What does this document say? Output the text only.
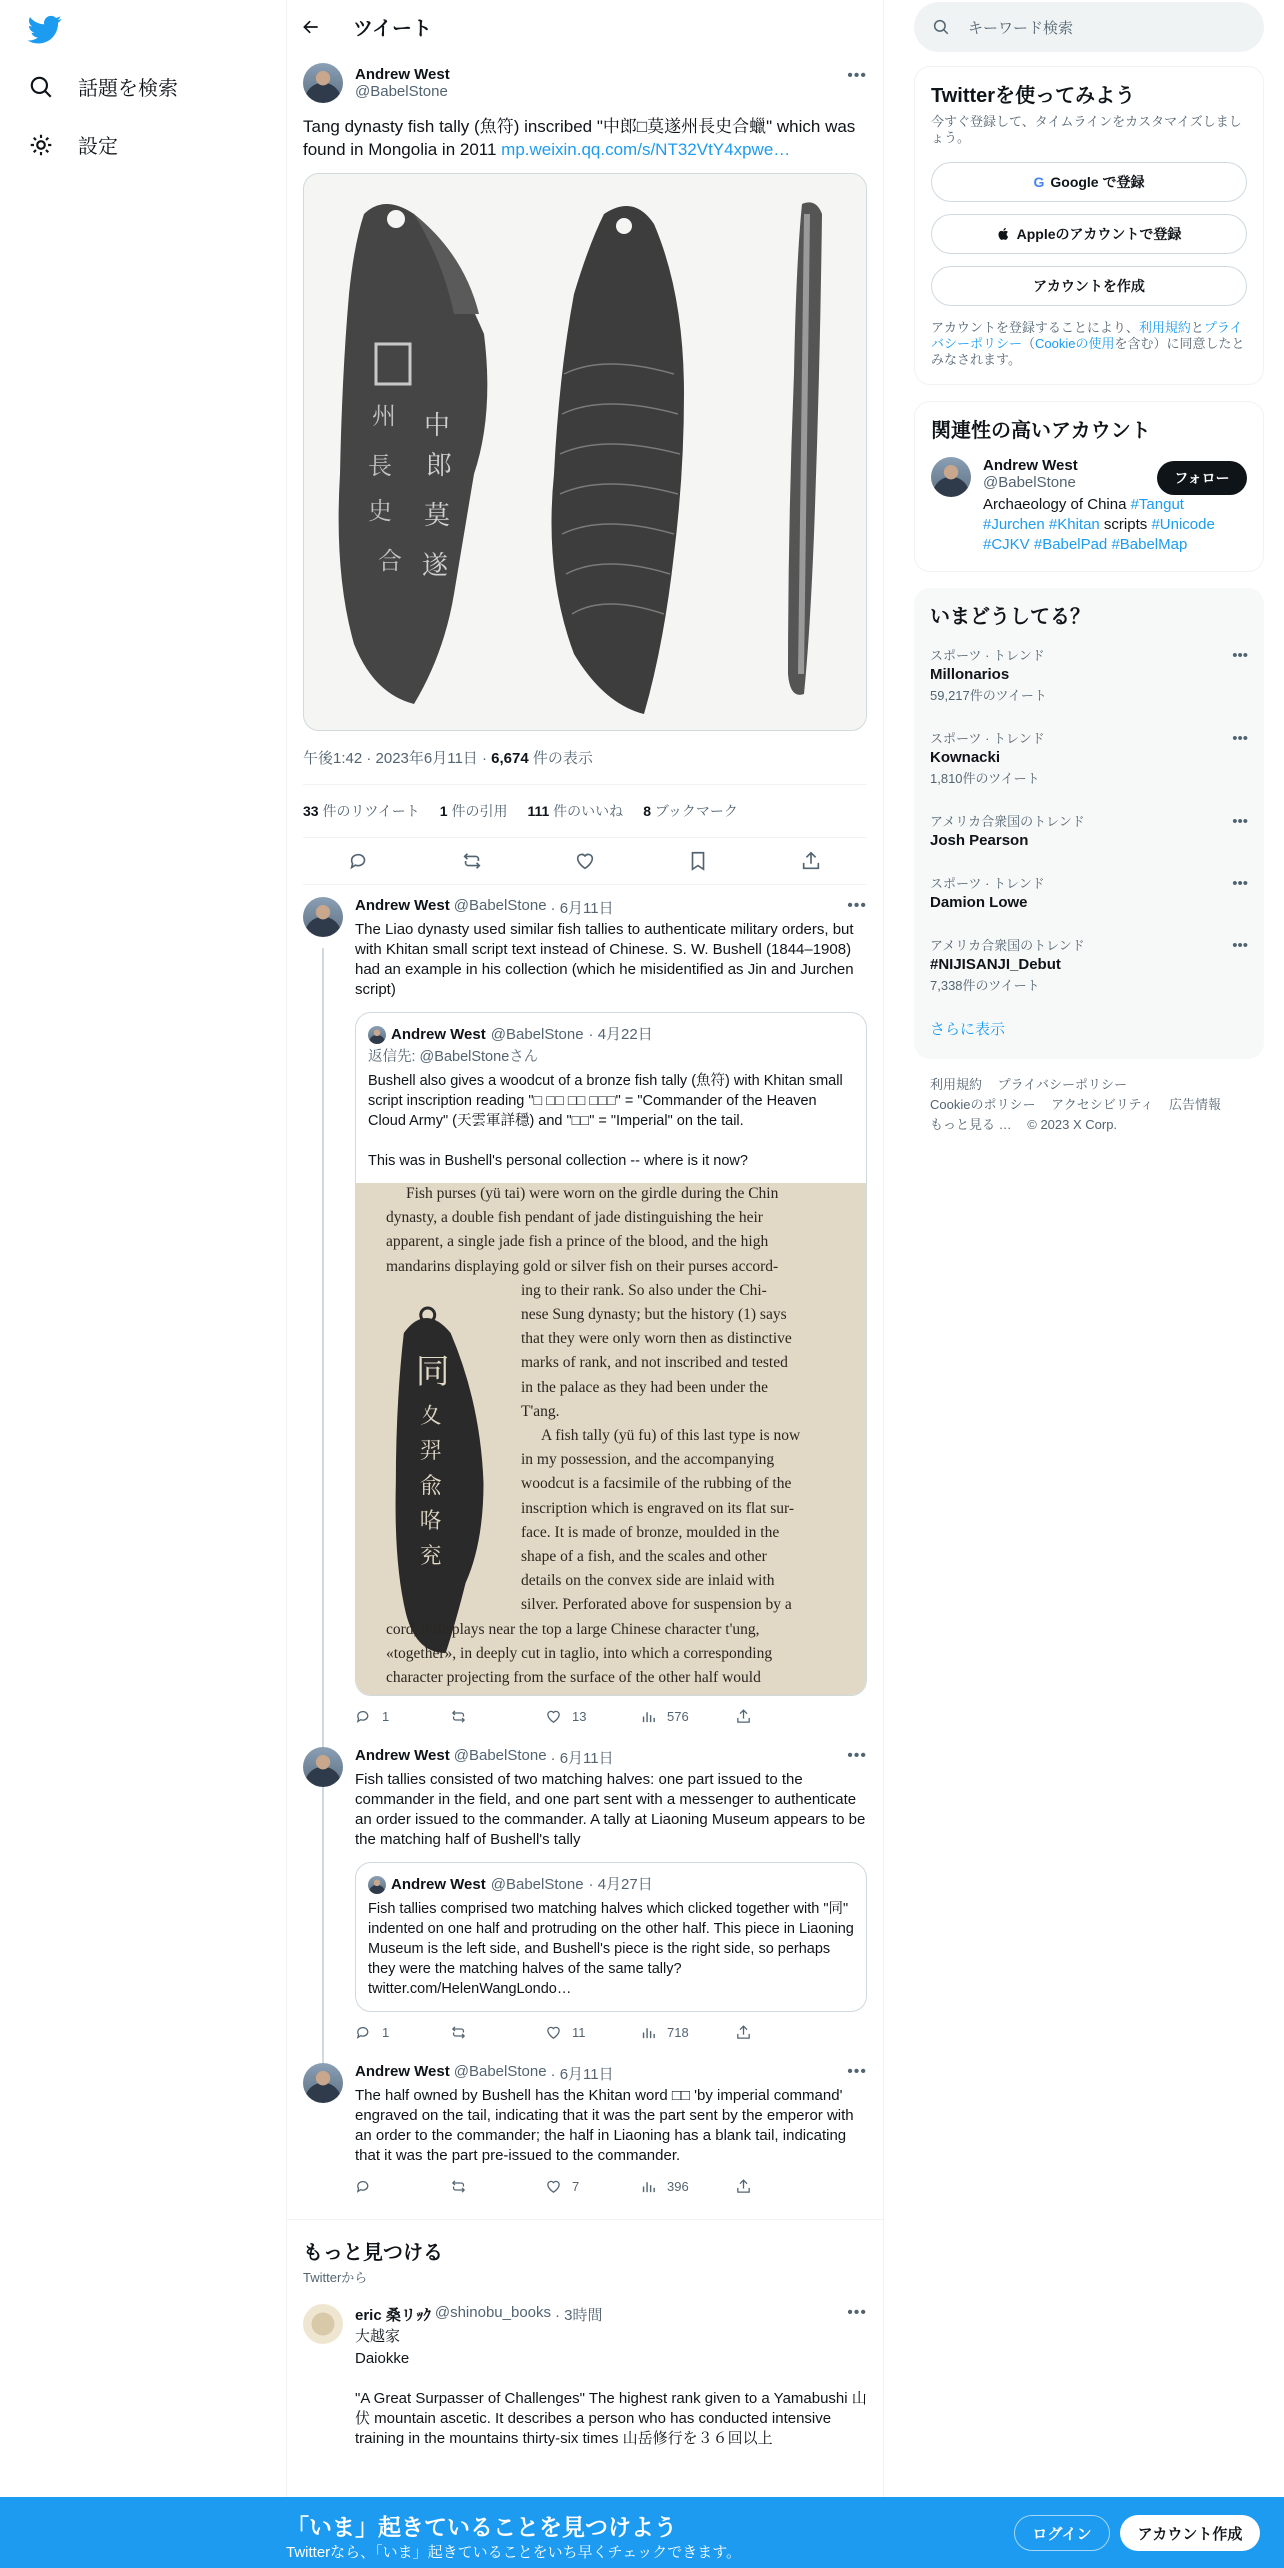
話題を検索
設定
ツイート
Andrew West
@BabelStone
•••
Tang dynasty fish tally (魚符) inscribed "中郎□莫遂州長史合蠟" which was found in Mongolia in 2011 mp.weixin.qq.com/s/NT32VtY4xpwe…
中
郎
莫
遂
州
長
史
合
午後1:42 · 2023年6月11日 · 6,674 件の表示
33 件のリツイート 1 件の引用 111 件のいいね 8 ブックマーク
•••
Andrew West @BabelStone · 6月11日
The Liao dynasty used similar fish tallies to authenticate military orders, but with Khitan small script text instead of Chinese. S. W. Bushell (1844–1908) had an example in his collection (which he misidentified as Jin and Jurchen script)
Andrew West @BabelStone · 4月22日
返信先: @BabelStoneさん
Bushell also gives a woodcut of a bronze fish tally (魚符) with Khitan small script inscription reading "□ □□ □□ □□□" = "Commander of the Heaven Cloud Army" (天雲軍詳穩) and "□□" = "Imperial" on the tail.
This was in Bushell's personal collection -- where is it now?
同
夊
羿
兪
咯
兖
Fish purses (yü tai) were worn on the girdle during the Chin
dynasty, a double fish pendant of jade distinguishing the heir
apparent, a single jade fish a prince of the blood, and the high
mandarins displaying gold or silver fish on their purses accord-
ing to their rank. So also under the Chi-
nese Sung dynasty; but the history (1) says
that they were only worn then as distinctive
marks of rank, and not inscribed and tested
in the palace as they had been under the
T'ang.
A fish tally (yü fu) of this last type is now
in my possession, and the accompanying
woodcut is a facsimile of the rubbing of the
inscription which is engraved on its flat sur-
face. It is made of bronze, moulded in the
shape of a fish, and the scales and other
details on the convex side are inlaid with
silver. Perforated above for suspension by a
cord, it displays near the top a large Chinese character t'ung,
«together», in deeply cut in taglio, into which a corresponding
character projecting from the surface of the other half would
1	13	576
•••
Andrew West @BabelStone · 6月11日
Fish tallies consisted of two matching halves: one part issued to the commander in the field, and one part sent with a messenger to authenticate an order issued to the commander. A tally at Liaoning Museum appears to be the matching half of Bushell's tally
Andrew West @BabelStone · 4月27日
Fish tallies comprised two matching halves which clicked together with "同" indented on one half and protruding on the other half. This piece in Liaoning Museum is the left side, and Bushell's piece is the right side, so perhaps they were the matching halves of the same tally? twitter.com/HelenWangLondo…
1	11	718
•••
Andrew West @BabelStone · 6月11日
The half owned by Bushell has the Khitan word □□ 'by imperial command' engraved on the tail, indicating that it was the part sent by the emperor with an order to the commander; the half in Liaoning has a blank tail, indicating that it was the part pre-issued to the commander.
7	396
もっと見つける
Twitterから
•••
eric 桑リｯｸ @shinobu_books · 3時間
大越家
Daiokke
"A Great Surpasser of Challenges" The highest rank given to a Yamabushi 山伏 mountain ascetic. It describes a person who has conducted intensive training in the mountains thirty-six times 山岳修行を３６回以上
キーワード検索
Twitterを使ってみよう
今すぐ登録して、タイムラインをカスタマイズしましょう。
G Google で登録
Appleのアカウントで登録
アカウントを作成
アカウントを登録することにより、利用規約とプライバシーポリシー（Cookieの使用を含む）に同意したとみなされます。
関連性の高いアカウント
Andrew West
@BabelStone
Archaeology of China #Tangut #Jurchen #Khitan scripts #Unicode #CJKV #BabelPad #BabelMap
フォロー
いまどうしてる？
スポーツ · トレンド
Millonarios
59,217件のツイート
•••
スポーツ · トレンド
Kownacki
1,810件のツイート
•••
アメリカ合衆国のトレンド
Josh Pearson
•••
スポーツ · トレンド
Damion Lowe
•••
アメリカ合衆国のトレンド
#NIJISANJI_Debut
7,338件のツイート
•••
さらに表示
利用規約 プライバシーポリシー
Cookieのポリシー アクセシビリティ 広告情報
もっと見る … © 2023 X Corp.
「いま」起きていることを見つけよう
Twitterなら、「いま」起きていることをいち早くチェックできます。
ログイン	アカウント作成
